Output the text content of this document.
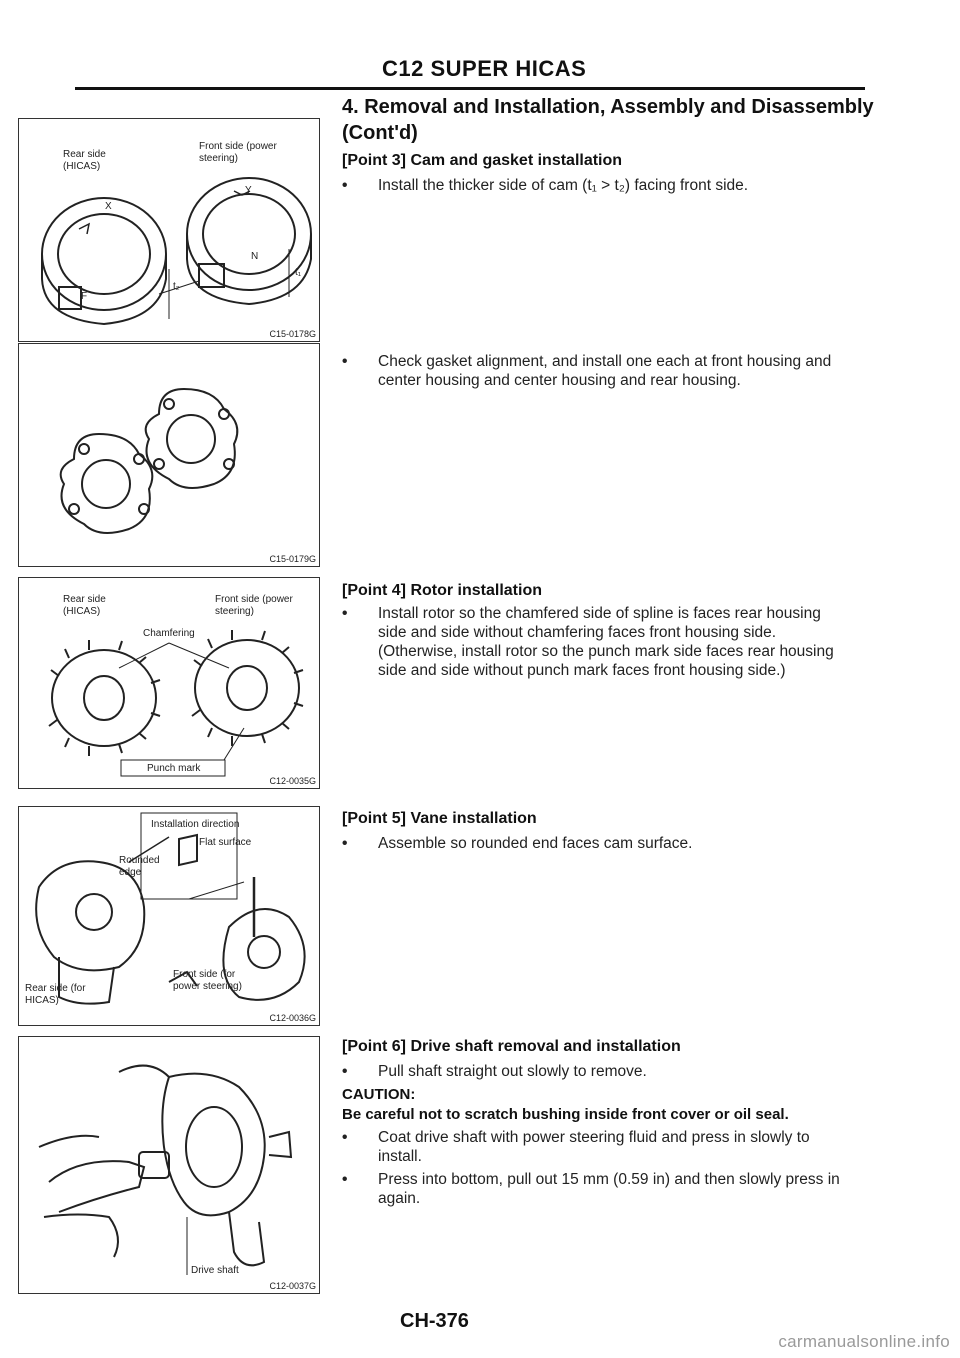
C12 SUPER HICAS
4. Removal and Installation, Assembly and Disassembly (Cont'd)
[Point 3] Cam and gasket installation
• Install the thicker side of cam (t₁ > t₂) facing front side.
• Check gasket alignment, and install one each at front housing and center housing and center housing and rear housing.
[Point 4] Rotor installation
• Install rotor so the chamfered side of spline is faces rear housing side and side without chamfering faces front housing side. (Otherwise, install rotor so the punch mark side faces rear housing side and side without punch mark faces front housing side.)
[Point 5] Vane installation
• Assemble so rounded end faces cam surface.
[Point 6] Drive shaft removal and installation
• Pull shaft straight out slowly to remove.
CAUTION:
Be careful not to scratch bushing inside front cover or oil seal.
• Coat drive shaft with power steering fluid and press in slowly to install.
• Press into bottom, pull out 15 mm (0.59 in) and then slowly press in again.
Rear side (HICAS)
Front side (power steering)
X
Y
F
N
t₁
t₂
C15-0178G
C15-0179G
Rear side (HICAS)
Front side (power steering)
Chamfering
Punch mark
C12-0035G
Installation direction
Flat surface
Rounded edge
Front side (for power steering)
Rear side (for HICAS)
C12-0036G
Drive shaft
C12-0037G
CH-376
carmanualsonline.info
